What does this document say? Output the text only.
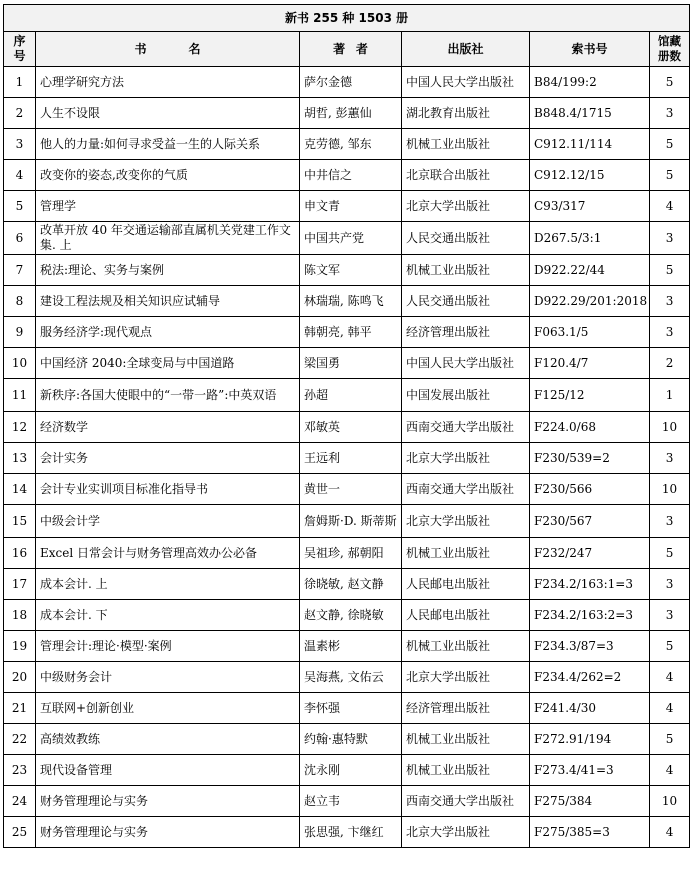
新书 255 种 1503 册					
序号	书名	著者	出版社	索书号	馆藏册数
1	心理学研究方法	萨尔金德	中国人民大学出版社	B84/199:2	5
2	人生不设限	胡哲, 彭蕙仙	湖北教育出版社	B848.4/1715	3
3	他人的力量:如何寻求受益一生的人际关系	克劳德, 邹东	机械工业出版社	C912.11/114	5
4	改变你的姿态,改变你的气质	中井信之	北京联合出版社	C912.12/15	5
5	管理学	申文青	北京大学出版社	C93/317	4
6	改革开放 40 年交通运输部直属机关党建工作文集. 上	中国共产党	人民交通出版社	D267.5/3:1	3
7	税法:理论、实务与案例	陈文军	机械工业出版社	D922.22/44	5
8	建设工程法规及相关知识应试辅导	林瑞瑞, 陈鸣飞	人民交通出版社	D922.29/201:2018	3
9	服务经济学:现代观点	韩朝亮, 韩平	经济管理出版社	F063.1/5	3
10	中国经济 2040:全球变局与中国道路	梁国勇	中国人民大学出版社	F120.4/7	2
11	新秩序:各国大使眼中的“一带一路”:中英双语	孙超	中国发展出版社	F125/12	1
12	经济数学	邓敏英	西南交通大学出版社	F224.0/68	10
13	会计实务	王远利	北京大学出版社	F230/539=2	3
14	会计专业实训项目标准化指导书	黄世一	西南交通大学出版社	F230/566	10
15	中级会计学	詹姆斯·D. 斯蒂斯	北京大学出版社	F230/567	3
16	Excel 日常会计与财务管理高效办公必备	吴祖珍, 郝朝阳	机械工业出版社	F232/247	5
17	成本会计. 上	徐晓敏, 赵文静	人民邮电出版社	F234.2/163:1=3	3
18	成本会计. 下	赵文静, 徐晓敏	人民邮电出版社	F234.2/163:2=3	3
19	管理会计:理论·模型·案例	温素彬	机械工业出版社	F234.3/87=3	5
20	中级财务会计	吴海燕, 文佑云	北京大学出版社	F234.4/262=2	4
21	互联网+创新创业	李怀强	经济管理出版社	F241.4/30	4
22	高绩效教练	约翰·惠特默	机械工业出版社	F272.91/194	5
23	现代设备管理	沈永刚	机械工业出版社	F273.4/41=3	4
24	财务管理理论与实务	赵立韦	西南交通大学出版社	F275/384	10
25	财务管理理论与实务	张思强, 卞继红	北京大学出版社	F275/385=3	4
